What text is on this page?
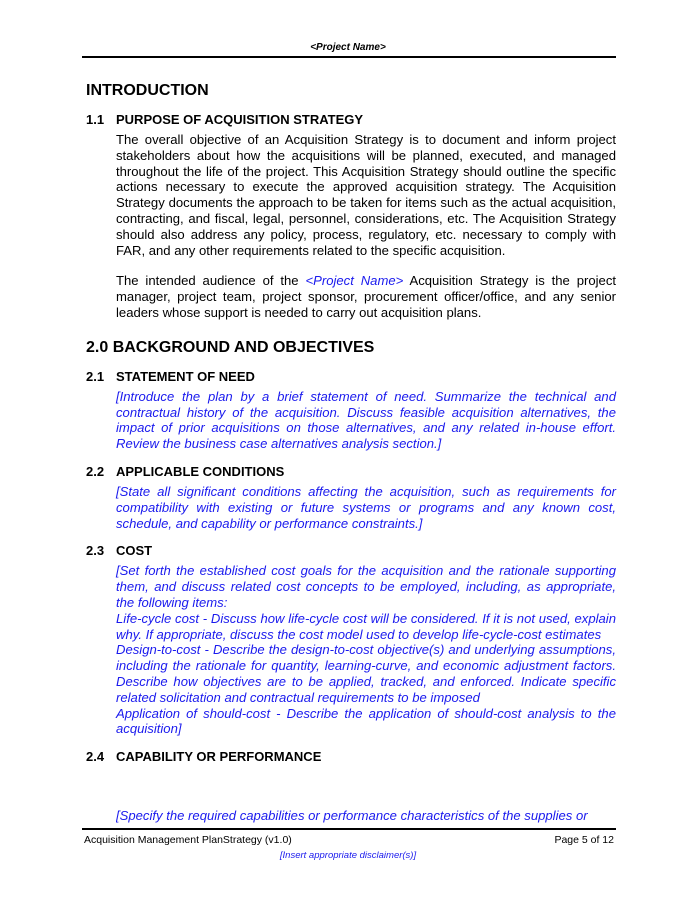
<Project Name>
INTRODUCTION
1.1 PURPOSE OF ACQUISITION STRATEGY

The overall objective of an Acquisition Strategy is to document and inform project stakeholders about how the acquisitions will be planned, executed, and managed throughout the life of the project. This Acquisition Strategy should outline the specific actions necessary to execute the approved acquisition strategy. The Acquisition Strategy documents the approach to be taken for items such as the actual acquisition, contracting, and fiscal, legal, personnel, considerations, etc. The Acquisition Strategy should also address any policy, process, regulatory, etc. necessary to comply with FAR, and any other requirements related to the specific acquisition.

The intended audience of the <Project Name> Acquisition Strategy is the project manager, project team, project sponsor, procurement officer/office, and any senior leaders whose support is needed to carry out acquisition plans.

2.0 BACKGROUND AND OBJECTIVES
2.1 STATEMENT OF NEED

[Introduce the plan by a brief statement of need. Summarize the technical and contractual history of the acquisition. Discuss feasible acquisition alternatives, the impact of prior acquisitions on those alternatives, and any related in-house effort. Review the business case alternatives analysis section.]

2.2 APPLICABLE CONDITIONS

[State all significant conditions affecting the acquisition, such as requirements for compatibility with existing or future systems or programs and any known cost, schedule, and capability or performance constraints.]

2.3 COST

[Set forth the established cost goals for the acquisition and the rationale supporting them, and discuss related cost concepts to be employed, including, as appropriate, the following items:

Life-cycle cost - Discuss how life-cycle cost will be considered. If it is not used, explain why. If appropriate, discuss the cost model used to develop life-cycle-cost estimates

Design-to-cost - Describe the design-to-cost objective(s) and underlying assumptions, including the rationale for quantity, learning-curve, and economic adjustment factors. Describe how objectives are to be applied, tracked, and enforced. Indicate specific related solicitation and contractual requirements to be imposed

Application of should-cost - Describe the application of should-cost analysis to the acquisition]

2.4 CAPABILITY OR PERFORMANCE
[Specify the required capabilities or performance characteristics of the supplies or
Acquisition Management PlanStrategy (v1.0)	Page 5 of 12
[Insert appropriate disclaimer(s)]
